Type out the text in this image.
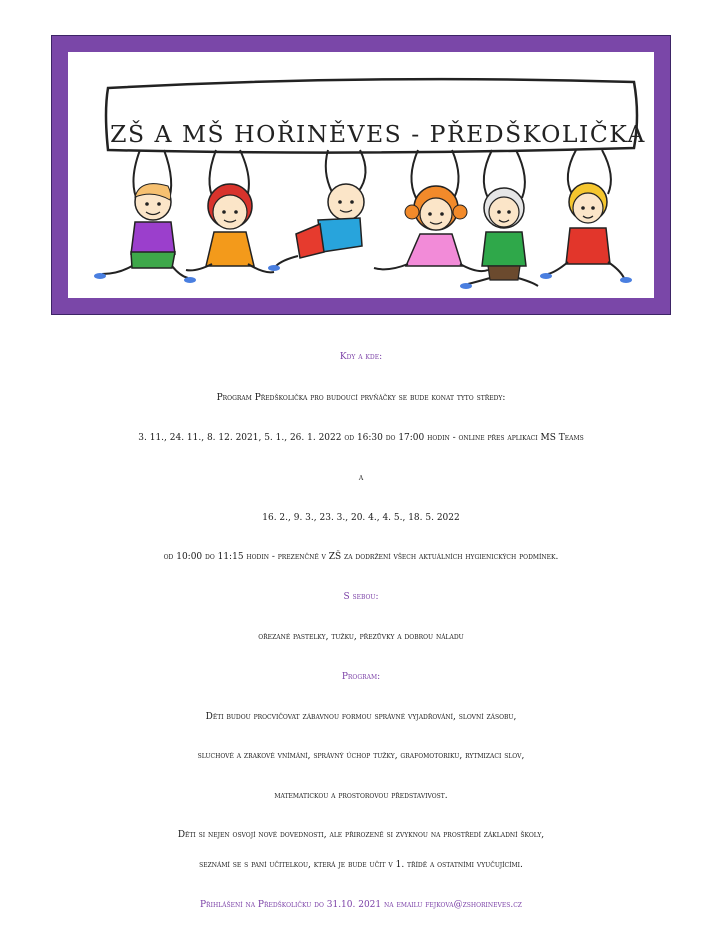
ZŠ A MŠ HOŘINĚVES - PŘEDŠKOLIČKA
Kdy a kde:
Program Předškolička pro budoucí prvňáčky se bude konat tyto středy:
3. 11., 24. 11., 8. 12. 2021, 5. 1., 26. 1. 2022 od 16:30 do 17:00 hodin - online přes aplikaci MS Teams
a
16. 2., 9. 3., 23. 3., 20. 4., 4. 5., 18. 5. 2022
od 10:00 do 11:15 hodin - prezenčně v ZŠ za dodržení všech aktuálních hygienických podmínek.
S sebou:
ořezané pastelky, tužku, přezůvky a dobrou náladu
Program:
Děti budou procvičovat zábavnou formou správné vyjadřování, slovní zásobu,
sluchové a zrakové vnímání, správný úchop tužky, grafomotoriku, rytmizaci slov,
matematickou a prostorovou představivost.
Děti si nejen osvojí nové dovednosti, ale přirozeně si zvyknou na prostředí základní školy,
seznámí se s paní učitelkou, která je bude učit v 1. třídě a ostatními vyučujícími.
Přihlášení na Předškoličku do 31.10. 2021 na emailu fejkova@zshorineves.cz
